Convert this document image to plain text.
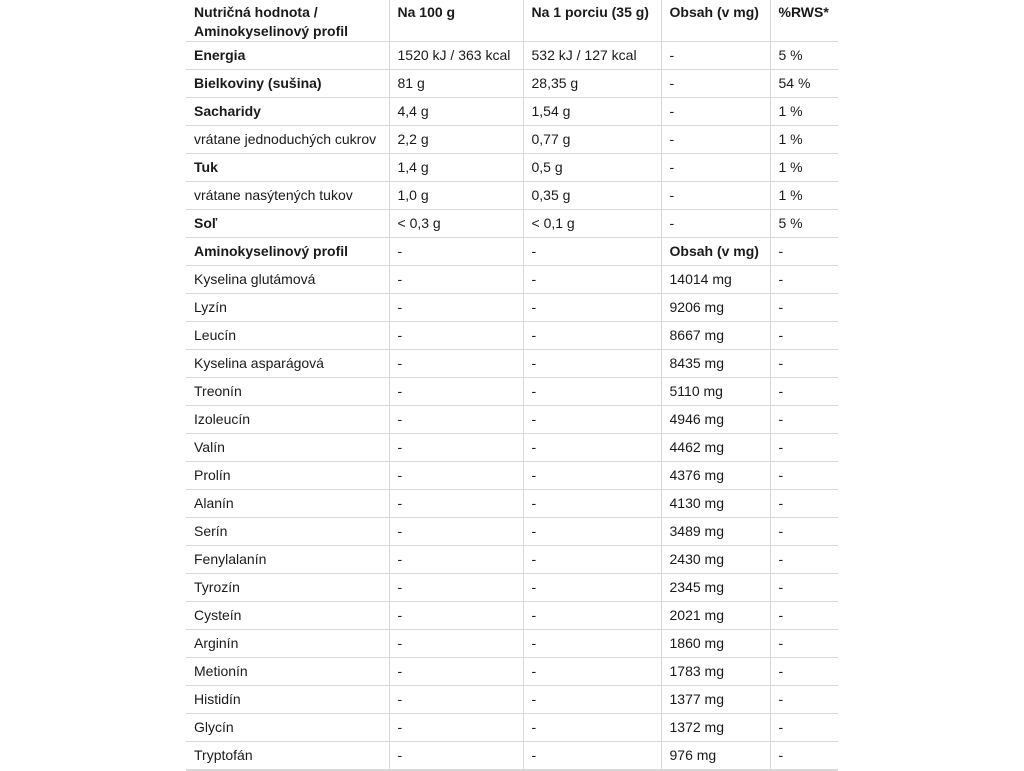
Nutričná hodnota / Aminokyselinový profil	Na 100 g	Na 1 porciu (35 g)	Obsah (v mg)	%RWS*
Energia	1520 kJ / 363 kcal	532 kJ / 127 kcal	-	5 %
Bielkoviny (sušina)	81 g	28,35 g	-	54 %
Sacharidy	4,4 g	1,54 g	-	1 %
vrátane jednoduchých cukrov	2,2 g	0,77 g	-	1 %
Tuk	1,4 g	0,5 g	-	1 %
vrátane nasýtených tukov	1,0 g	0,35 g	-	1 %
Soľ	< 0,3 g	< 0,1 g	-	5 %
Aminokyselinový profil	-	-	Obsah (v mg)	-
Kyselina glutámová	-	-	14014 mg	-
Lyzín	-	-	9206 mg	-
Leucín	-	-	8667 mg	-
Kyselina asparágová	-	-	8435 mg	-
Treonín	-	-	5110 mg	-
Izoleucín	-	-	4946 mg	-
Valín	-	-	4462 mg	-
Prolín	-	-	4376 mg	-
Alanín	-	-	4130 mg	-
Serín	-	-	3489 mg	-
Fenylalanín	-	-	2430 mg	-
Tyrozín	-	-	2345 mg	-
Cysteín	-	-	2021 mg	-
Arginín	-	-	1860 mg	-
Metionín	-	-	1783 mg	-
Histidín	-	-	1377 mg	-
Glycín	-	-	1372 mg	-
Tryptofán	-	-	976 mg	-
